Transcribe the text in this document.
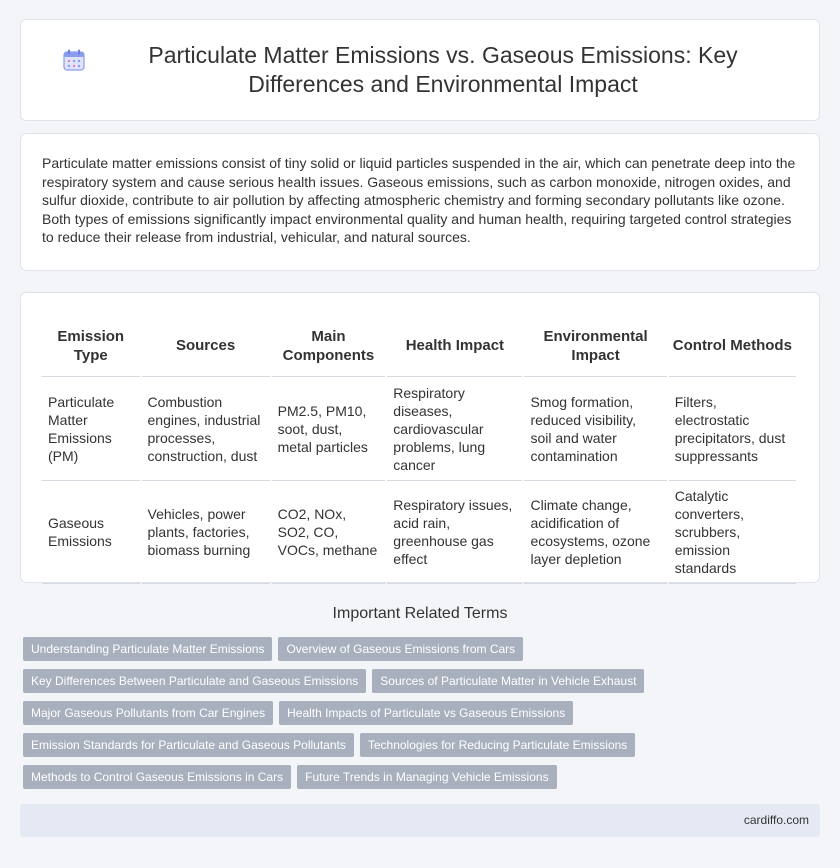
Particulate Matter Emissions vs. Gaseous Emissions: Key Differences and Environmental Impact

Particulate matter emissions consist of tiny solid or liquid particles suspended in the air, which can penetrate deep into the respiratory system and cause serious health issues. Gaseous emissions, such as carbon monoxide, nitrogen oxides, and sulfur dioxide, contribute to air pollution by affecting atmospheric chemistry and forming secondary pollutants like ozone. Both types of emissions significantly impact environmental quality and human health, requiring targeted control strategies to reduce their release from industrial, vehicular, and natural sources.

Emission Type	Sources	Main Components	Health Impact	Environmental Impact	Control Methods
Particulate Matter Emissions (PM)	Combustion engines, industrial processes, construction, dust	PM2.5, PM10, soot, dust, metal particles	Respiratory diseases, cardiovascular problems, lung cancer	Smog formation, reduced visibility, soil and water contamination	Filters, electrostatic precipitators, dust suppressants
Gaseous Emissions	Vehicles, power plants, factories, biomass burning	CO2, NOx, SO2, CO, VOCs, methane	Respiratory issues, acid rain, greenhouse gas effect	Climate change, acidification of ecosystems, ozone layer depletion	Catalytic converters, scrubbers, emission standards
Important Related Terms
Understanding Particulate Matter Emissions	Overview of Gaseous Emissions from Cars
Key Differences Between Particulate and Gaseous Emissions	Sources of Particulate Matter in Vehicle Exhaust
Major Gaseous Pollutants from Car Engines	Health Impacts of Particulate vs Gaseous Emissions
Emission Standards for Particulate and Gaseous Pollutants	Technologies for Reducing Particulate Emissions
Methods to Control Gaseous Emissions in Cars	Future Trends in Managing Vehicle Emissions
cardiffo.com
